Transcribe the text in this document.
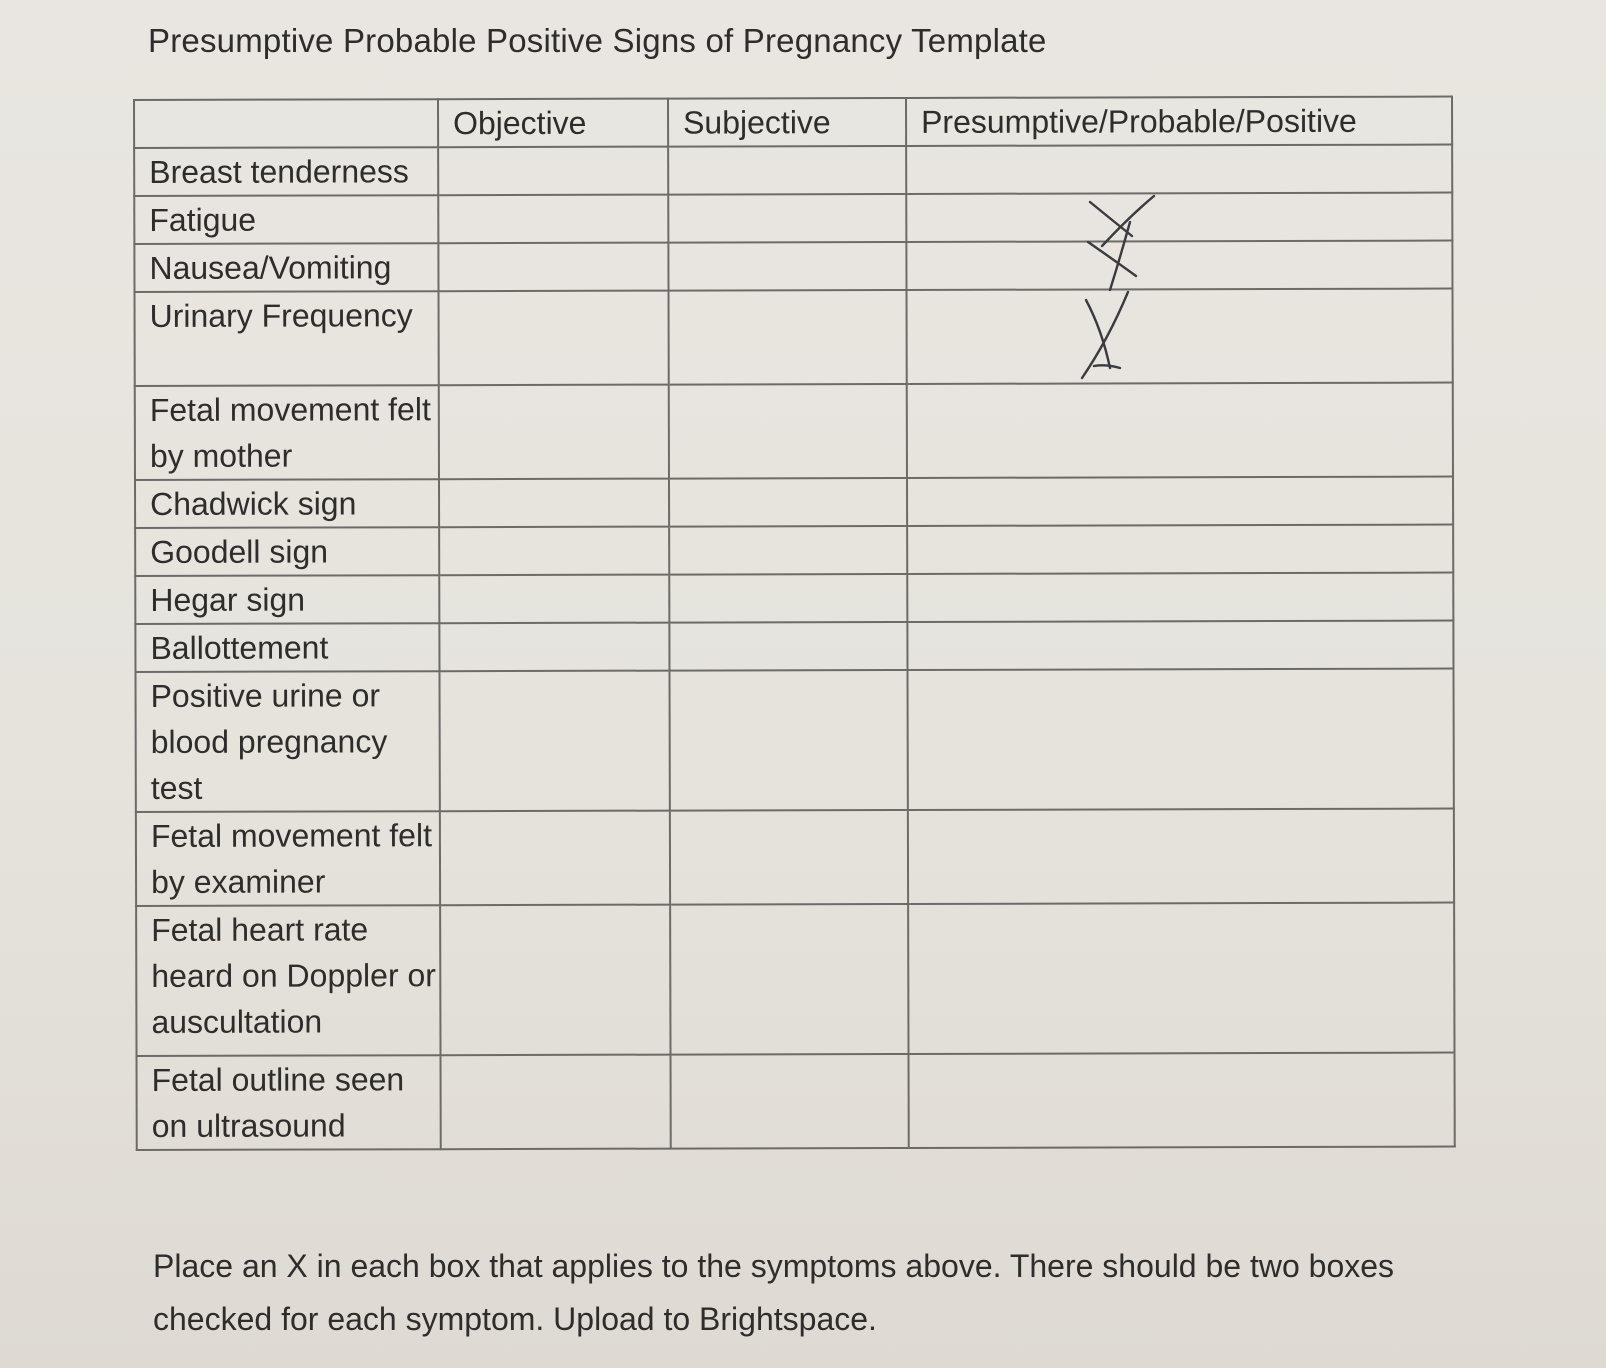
Presumptive Probable Positive Signs of Pregnancy Template

	Objective	Subjective	Presumptive/Probable/Positive

Breast tenderness			
Fatigue			
Nausea/Vomiting			
Urinary Frequency			
Fetal movement felt by mother			
Chadwick sign			
Goodell sign			
Hegar sign			
Ballottement			
Positive urine or blood pregnancy test			
Fetal movement felt by examiner			
Fetal heart rate heard on Doppler or auscultation			
Fetal outline seen on ultrasound			

Place an X in each box that applies to the symptoms above. There should be two boxes checked for each symptom. Upload to Brightspace.
